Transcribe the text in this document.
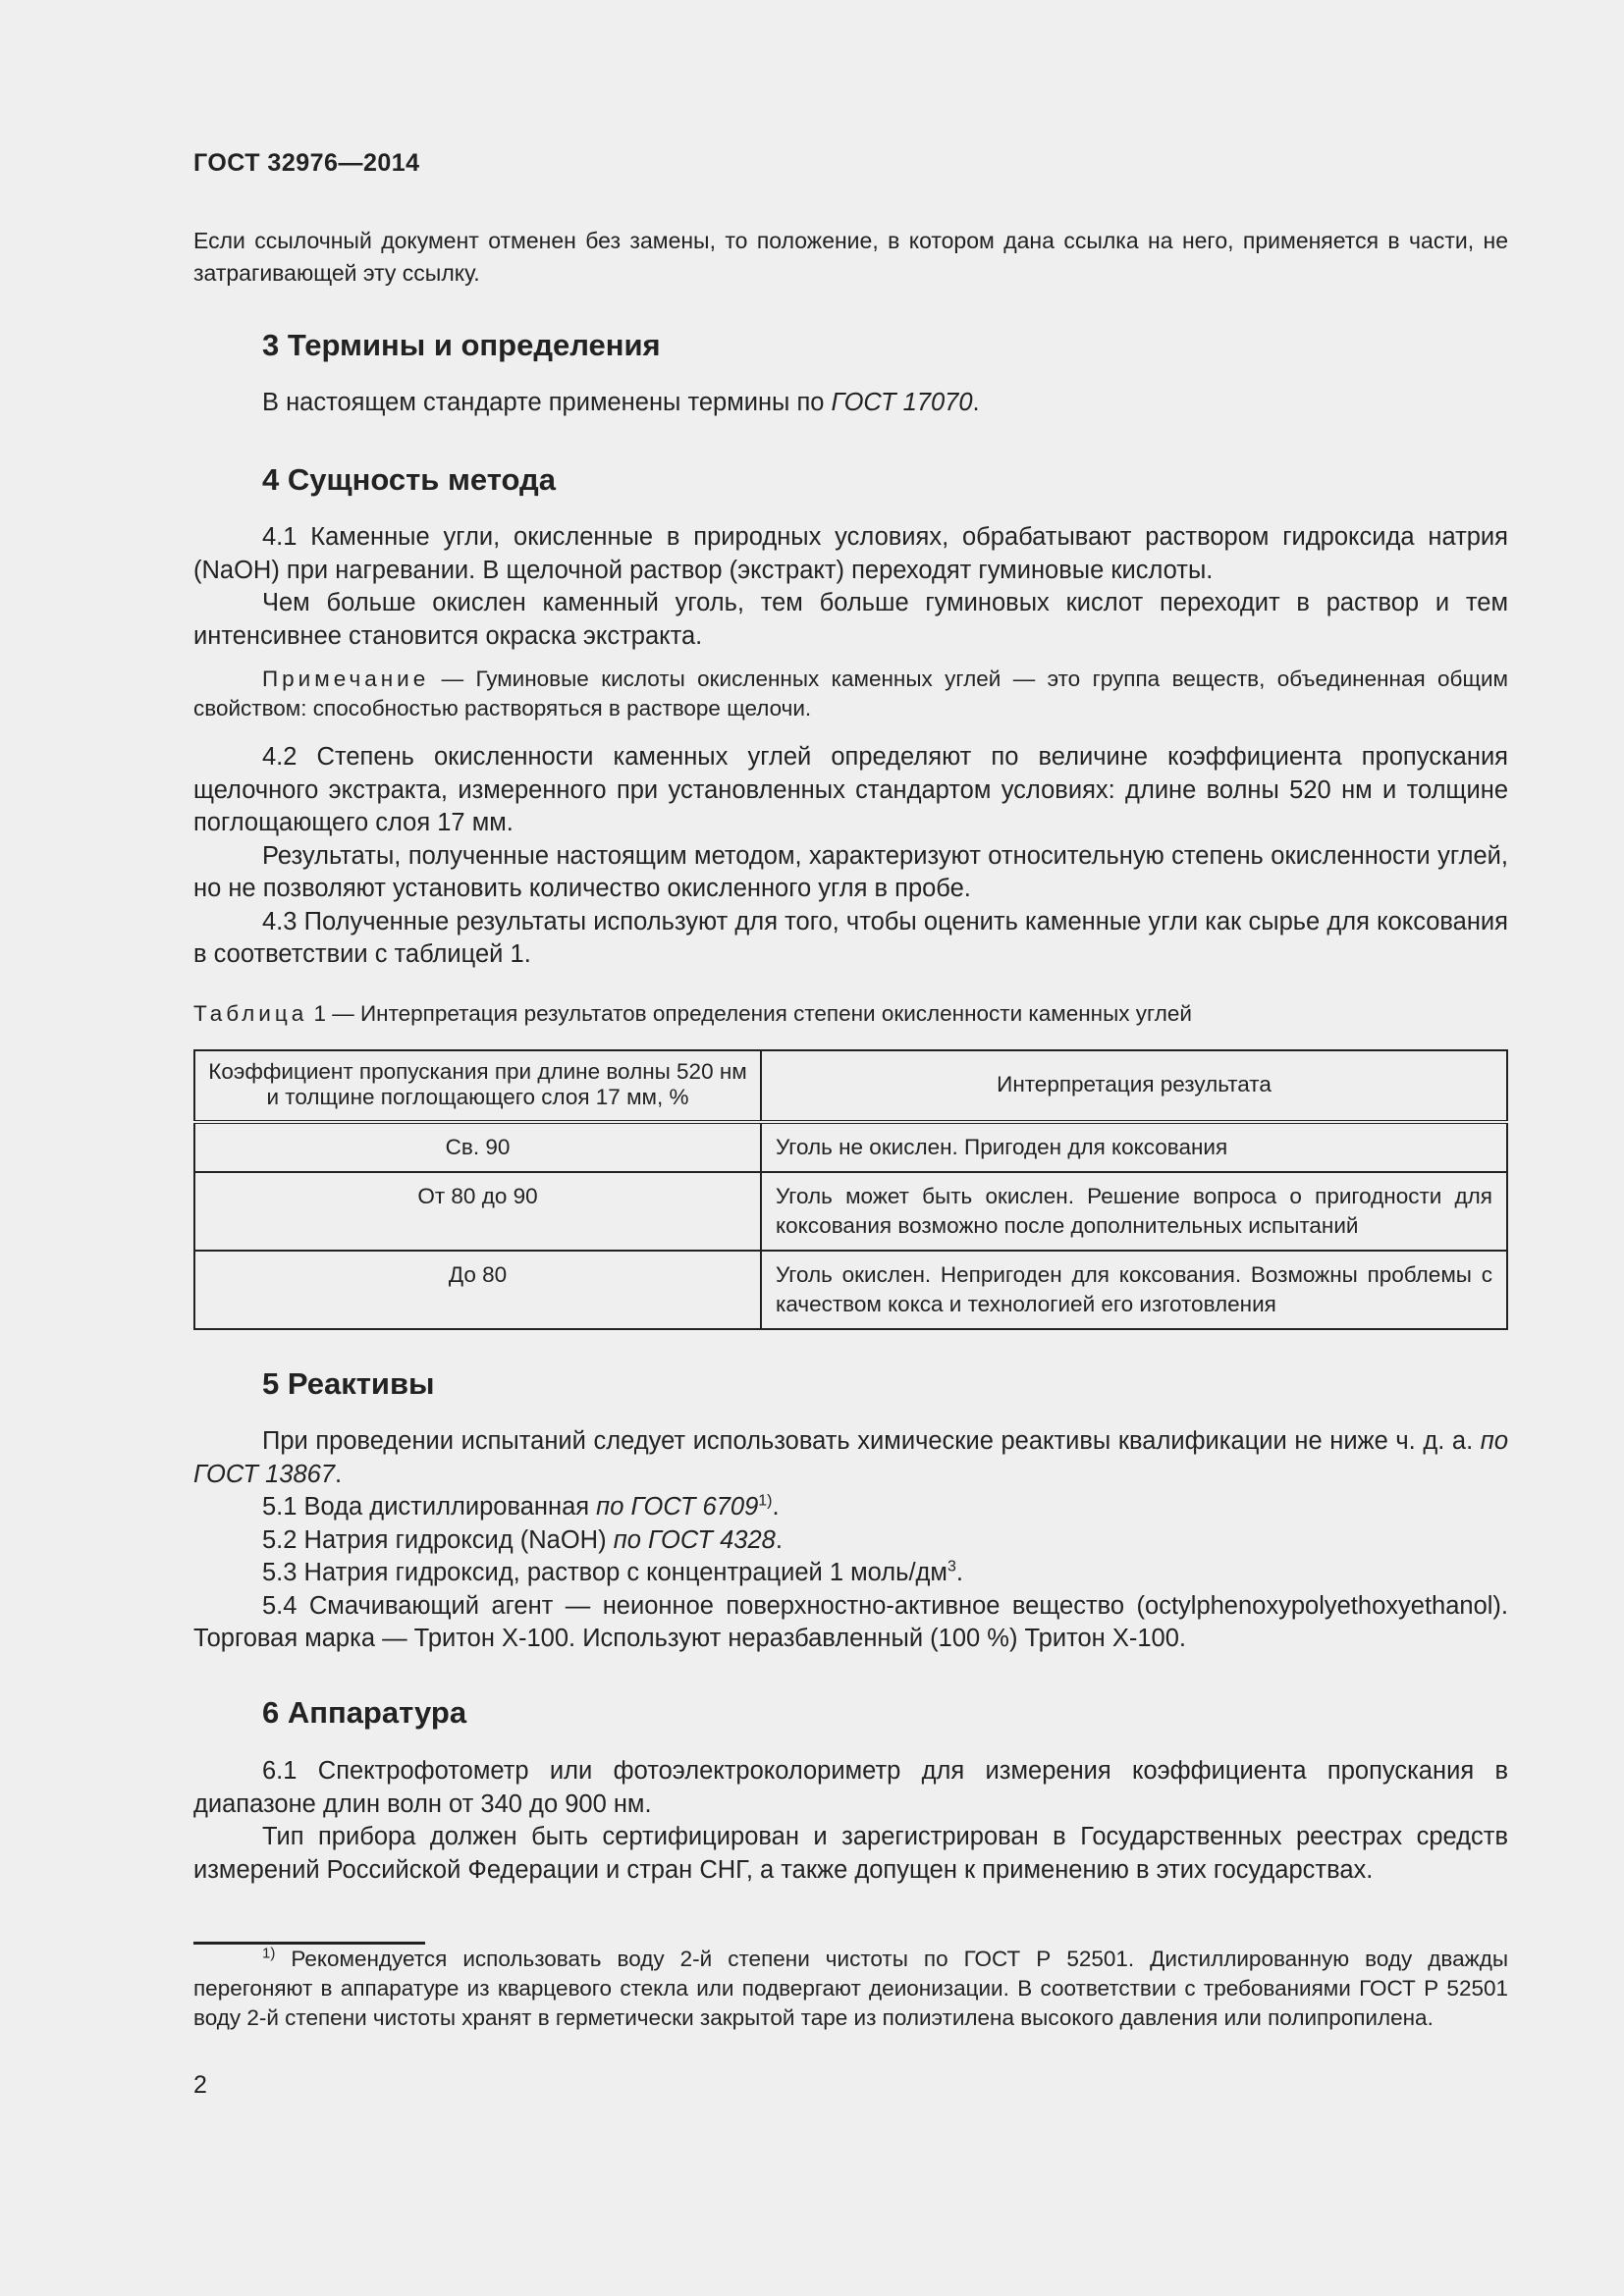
ГОСТ 32976—2014
Если ссылочный документ отменен без замены, то положение, в котором дана ссылка на него, применяется в части, не затрагивающей эту ссылку.
3 Термины и определения
В настоящем стандарте применены термины по ГОСТ 17070.
4 Сущность метода
4.1 Каменные угли, окисленные в природных условиях, обрабатывают раствором гидроксида натрия (NaOH) при нагревании. В щелочной раствор (экстракт) переходят гуминовые кислоты.
Чем больше окислен каменный уголь, тем больше гуминовых кислот переходит в раствор и тем интенсивнее становится окраска экстракта.
Примечание — Гуминовые кислоты окисленных каменных углей — это группа веществ, объединенная общим свойством: способностью растворяться в растворе щелочи.
4.2 Степень окисленности каменных углей определяют по величине коэффициента пропускания щелочного экстракта, измеренного при установленных стандартом условиях: длине волны 520 нм и толщине поглощающего слоя 17 мм.
Результаты, полученные настоящим методом, характеризуют относительную степень окисленности углей, но не позволяют установить количество окисленного угля в пробе.
4.3 Полученные результаты используют для того, чтобы оценить каменные угли как сырье для коксования в соответствии с таблицей 1.
Таблица 1 — Интерпретация результатов определения степени окисленности каменных углей
Коэффициент пропускания при длине волны 520 нм и толщине поглощающего слоя 17 мм, %	Интерпретация результата
Св. 90	Уголь не окислен. Пригоден для коксования
От 80 до 90	Уголь может быть окислен. Решение вопроса о пригодности для коксования возможно после дополнительных испытаний
До 80	Уголь окислен. Непригоден для коксования. Возможны проблемы с качеством кокса и технологией его изготовления
5 Реактивы
При проведении испытаний следует использовать химические реактивы квалификации не ниже ч. д. а. по ГОСТ 13867.
5.1 Вода дистиллированная по ГОСТ 6709$^{1)}$.
5.2 Натрия гидроксид (NaOH) по ГОСТ 4328.
5.3 Натрия гидроксид, раствор с концентрацией 1 моль/$дм^3$.
5.4 Смачивающий агент — неионное поверхностно-активное вещество (octylphenoxypolyethoxyethanol). Торговая марка — Тритон Х-100. Используют неразбавленный (100 %) Тритон Х-100.
6 Аппаратура
6.1 Спектрофотометр или фотоэлектроколориметр для измерения коэффициента пропускания в диапазоне длин волн от 340 до 900 нм.
Тип прибора должен быть сертифицирован и зарегистрирован в Государственных реестрах средств измерений Российской Федерации и стран СНГ, а также допущен к применению в этих государствах.
$^{1)}$ Рекомендуется использовать воду 2-й степени чистоты по ГОСТ Р 52501. Дистиллированную воду дважды перегоняют в аппаратуре из кварцевого стекла или подвергают деионизации. В соответствии с требованиями ГОСТ Р 52501 воду 2-й степени чистоты хранят в герметически закрытой таре из полиэтилена высокого давления или полипропилена.
2
